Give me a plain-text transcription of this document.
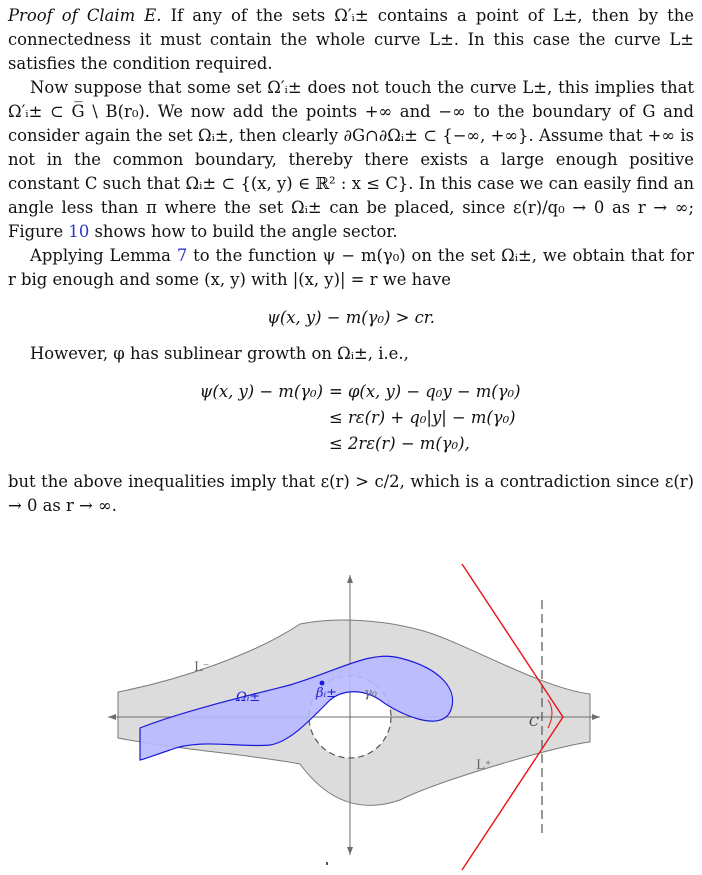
Proof of Claim E. If any of the sets Ω′ᵢ± contains a point of L±, then by the connectedness it must contain the whole curve L±. In this case the curve L± satisfies the condition required.

Now suppose that some set Ω′ᵢ± does not touch the curve L±, this implies that Ω′ᵢ± ⊂ G̅ \ B(r₀). We now add the points +∞ and −∞ to the boundary of G and consider again the set Ωᵢ±, then clearly ∂G∩∂Ωᵢ± ⊂ {−∞, +∞}. Assume that +∞ is not in the common boundary, thereby there exists a large enough positive constant C such that Ωᵢ± ⊂ {(x, y) ∈ ℝ² : x ≤ C}. In this case we can easily find an angle less than π where the set Ωᵢ± can be placed, since ε(r)/q₀ → 0 as r → ∞; Figure 10 shows how to build the angle sector.

Applying Lemma 7 to the function ψ − m(γ₀) on the set Ωᵢ±, we obtain that for r big enough and some (x, y) with |(x, y)| = r we have

ψ(x, y) − m(γ₀) > cr.

However, φ has sublinear growth on Ωᵢ±, i.e.,

ψ(x, y) − m(γ₀) = φ(x, y) − q₀y − m(γ₀)
≤ rε(r) + q₀|y| − m(γ₀)
≤ 2rε(r) − m(γ₀),

but the above inequalities imply that ε(r) > c/2, which is a contradiction since ε(r) → 0 as r → ∞.

L⁻
L⁺
Ωᵢ±	βᵢ± γ₀
C
